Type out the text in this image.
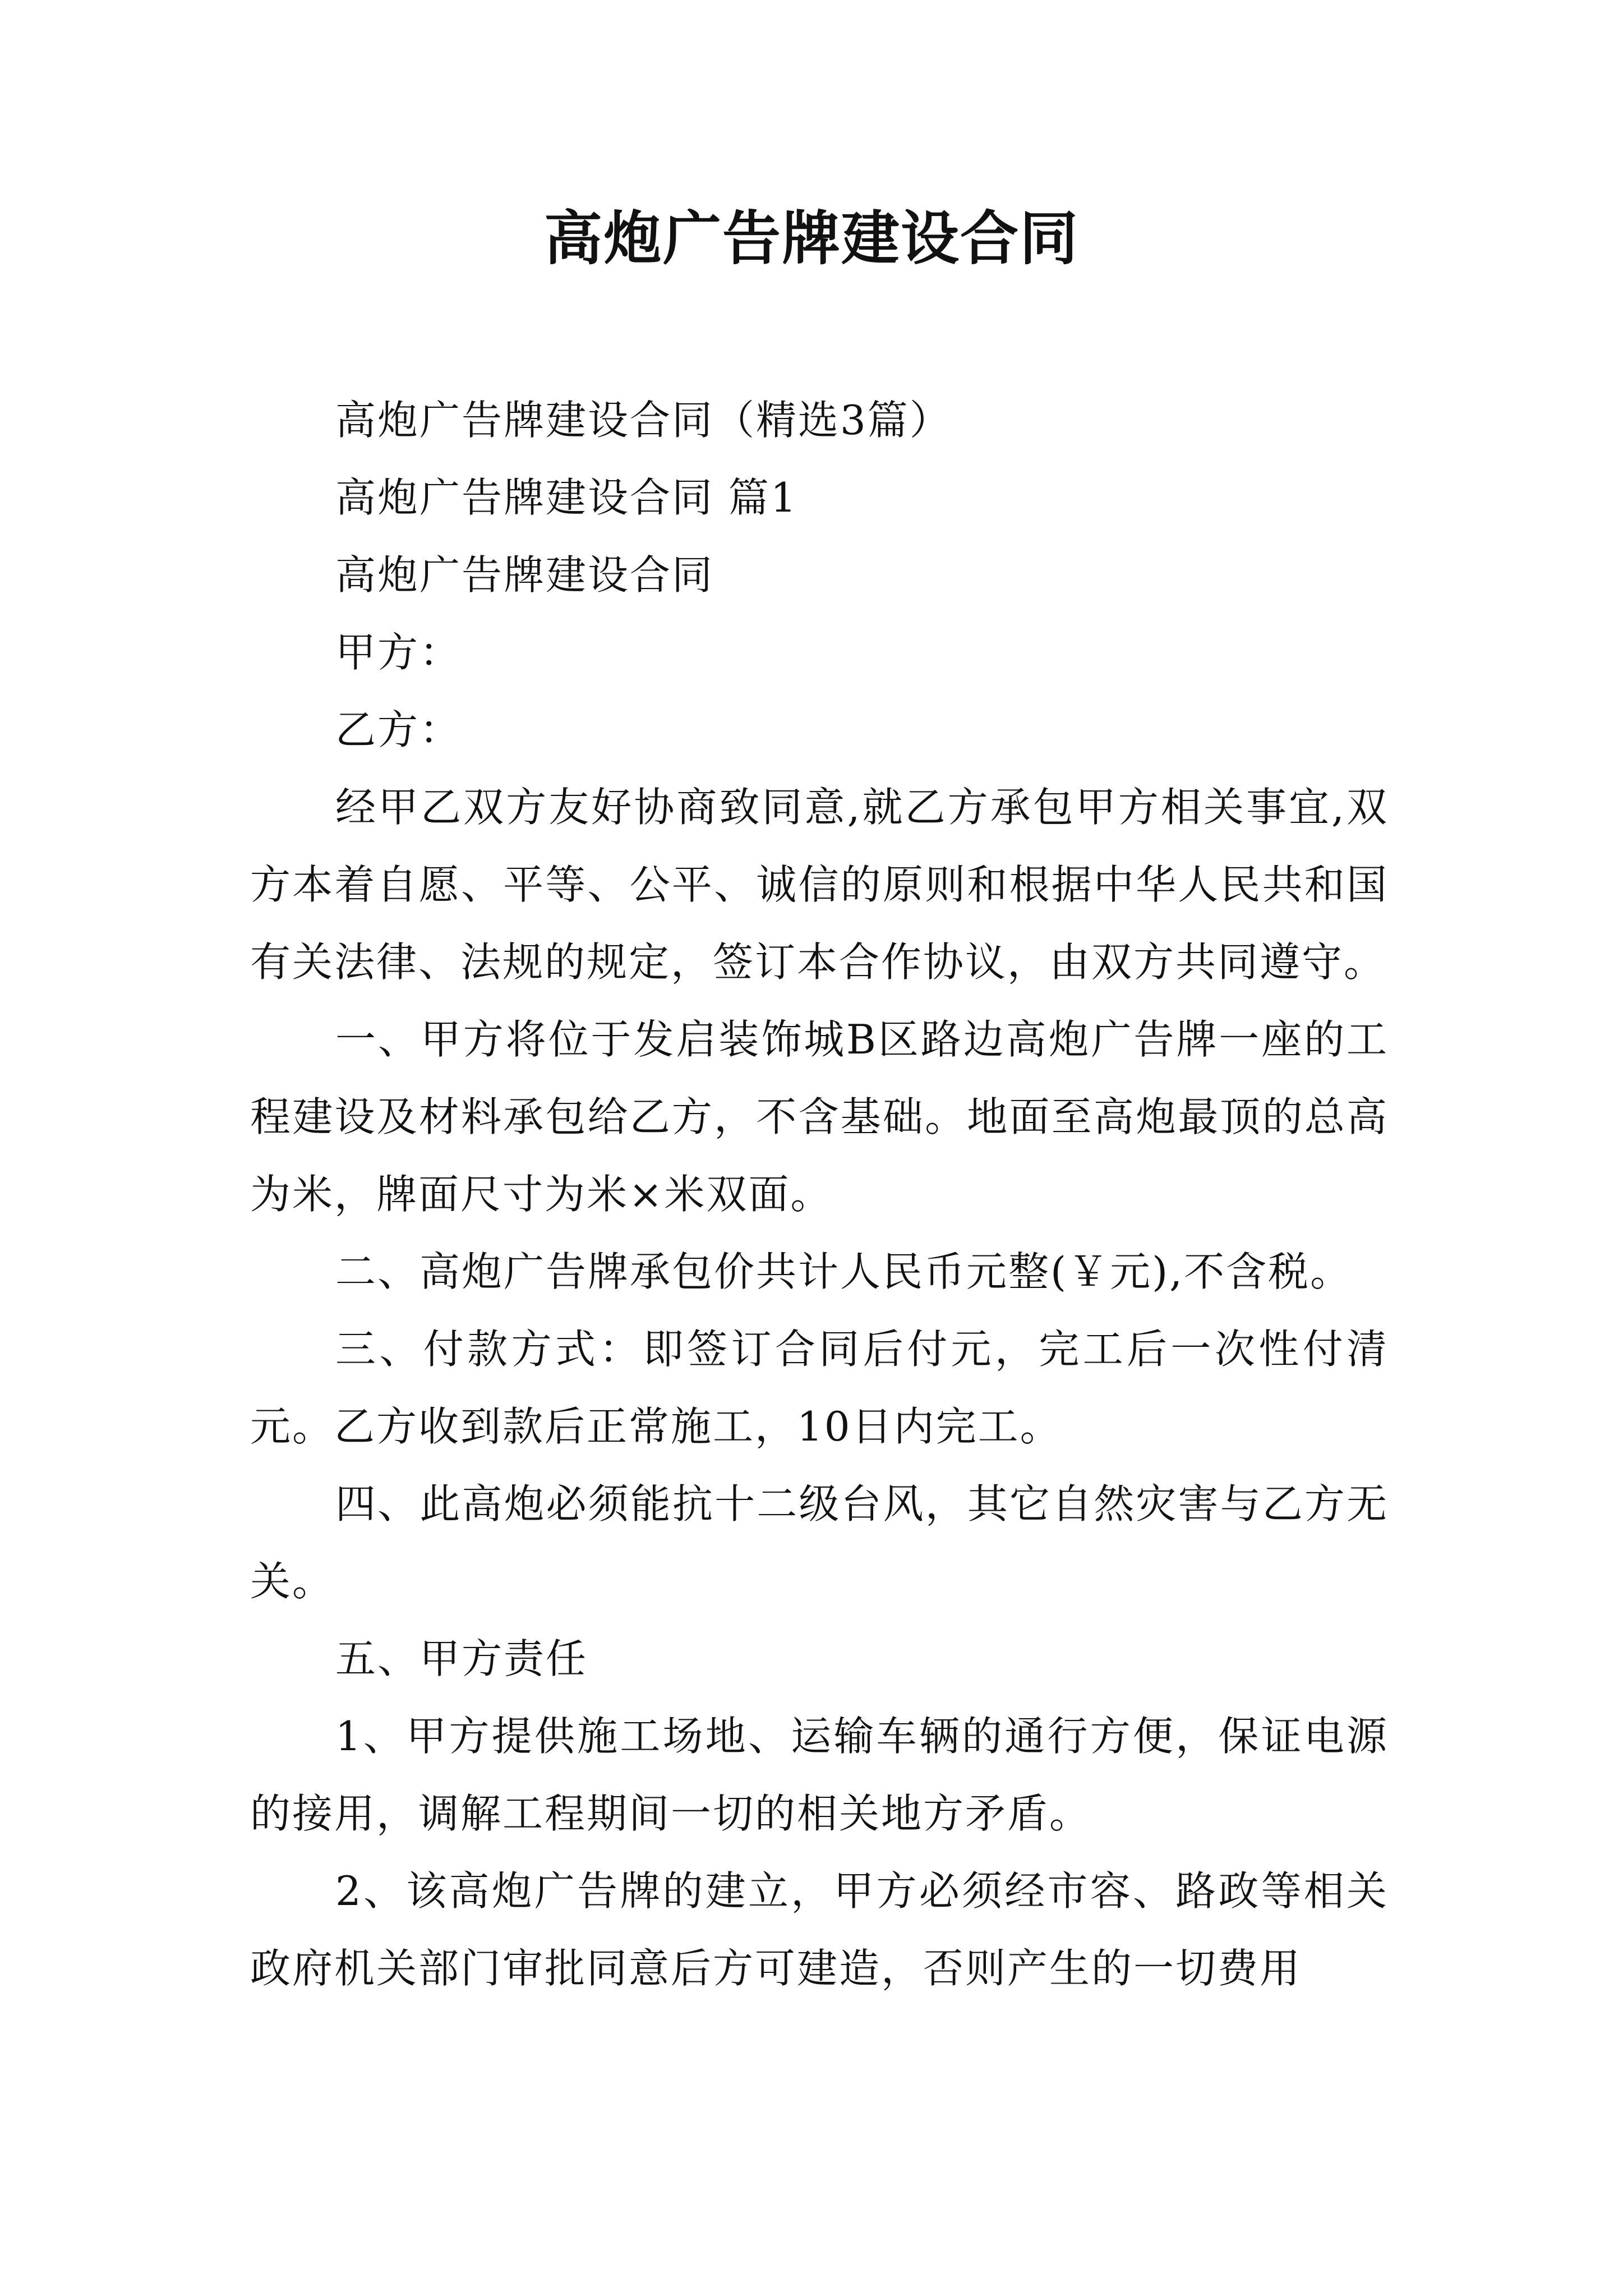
高炮广告牌建设合同

高炮广告牌建设合同（精选3篇）

高炮广告牌建设合同 篇1

高炮广告牌建设合同

甲方：

乙方：

经甲乙双方友好协商致同意,就乙方承包甲方相关事宜,双方本着自愿、平等、公平、诚信的原则和根据中华人民共和国有关法律、法规的规定，签订本合作协议，由双方共同遵守。

一、甲方将位于发启装饰城B区路边高炮广告牌一座的工程建设及材料承包给乙方，不含基础。地面至高炮最顶的总高为米，牌面尺寸为米×米双面。

二、高炮广告牌承包价共计人民币元整(￥元),不含税。

三、付款方式：即签订合同后付元，完工后一次性付清元。乙方收到款后正常施工，10日内完工。

四、此高炮必须能抗十二级台风，其它自然灾害与乙方无关。

五、甲方责任

1、甲方提供施工场地、运输车辆的通行方便，保证电源的接用，调解工程期间一切的相关地方矛盾。

2、该高炮广告牌的建立，甲方必须经市容、路政等相关政府机关部门审批同意后方可建造，否则产生的一切费用
